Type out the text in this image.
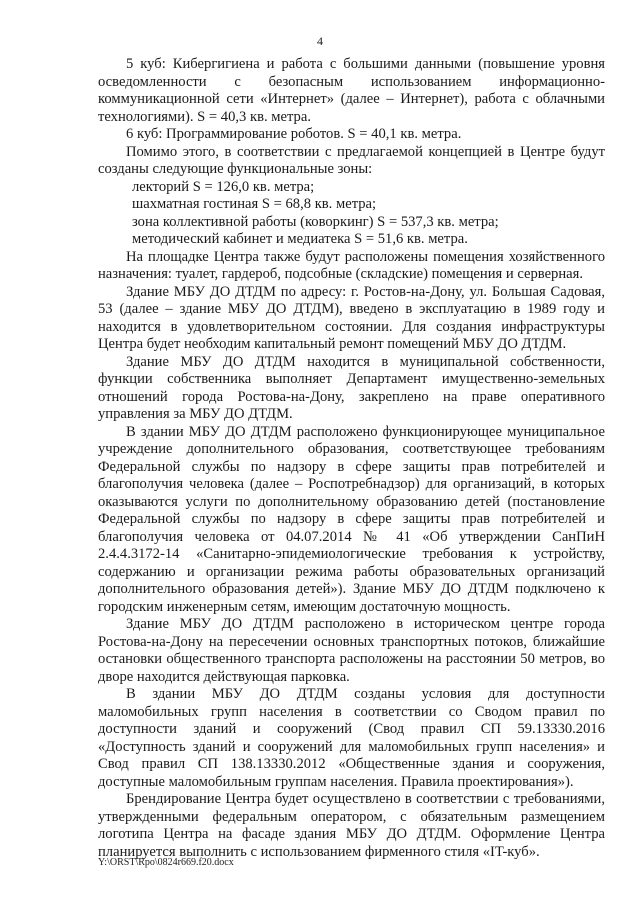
4

5 куб: Кибергигиена и работа с большими данными (повышение уровня осведомленности с безопасным использованием информационно-коммуникационной сети «Интернет» (далее – Интернет), работа с облачными технологиями). S = 40,3 кв. метра.

6 куб: Программирование роботов. S = 40,1 кв. метра.

Помимо этого, в соответствии с предлагаемой концепцией в Центре будут созданы следующие функциональные зоны:

лекторий S = 126,0 кв. метра;

шахматная гостиная S = 68,8 кв. метра;

зона коллективной работы (коворкинг) S = 537,3 кв. метра;

методический кабинет и медиатека S = 51,6 кв. метра.

На площадке Центра также будут расположены помещения хозяйственного назначения: туалет, гардероб, подсобные (складские) помещения и серверная.

Здание МБУ ДО ДТДМ по адресу: г. Ростов-на-Дону, ул. Большая Садовая, 53 (далее – здание МБУ ДО ДТДМ), введено в эксплуатацию в 1989 году и находится в удовлетворительном состоянии. Для создания инфраструктуры Центра будет необходим капитальный ремонт помещений МБУ ДО ДТДМ.

Здание МБУ ДО ДТДМ находится в муниципальной собственности, функции собственника выполняет Департамент имущественно-земельных отношений города Ростова-на-Дону, закреплено на праве оперативного управления за МБУ ДО ДТДМ.

В здании МБУ ДО ДТДМ расположено функционирующее муниципальное учреждение дополнительного образования, соответствующее требованиям Федеральной службы по надзору в сфере защиты прав потребителей и благополучия человека (далее – Роспотребнадзор) для организаций, в которых оказываются услуги по дополнительному образованию детей (постановление Федеральной службы по надзору в сфере защиты прав потребителей и благополучия человека от 04.07.2014 № 41 «Об утверждении СанПиН 2.4.4.3172-14 «Санитарно-эпидемиологические требования к устройству, содержанию и организации режима работы образовательных организаций дополнительного образования детей»). Здание МБУ ДО ДТДМ подключено к городским инженерным сетям, имеющим достаточную мощность.

Здание МБУ ДО ДТДМ расположено в историческом центре города Ростова-на-Дону на пересечении основных транспортных потоков, ближайшие остановки общественного транспорта расположены на расстоянии 50 метров, во дворе находится действующая парковка.

В здании МБУ ДО ДТДМ созданы условия для доступности маломобильных групп населения в соответствии со Сводом правил по доступности зданий и сооружений (Свод правил СП 59.13330.2016 «Доступность зданий и сооружений для маломобильных групп населения» и Свод правил СП 138.13330.2012 «Общественные здания и сооружения, доступные маломобильным группам населения. Правила проектирования»).

Брендирование Центра будет осуществлено в соответствии с требованиями, утвержденными федеральным оператором, с обязательным размещением логотипа Центра на фасаде здания МБУ ДО ДТДМ. Оформление Центра планируется выполнить с использованием фирменного стиля «IT-куб».

Y:\ORST\Rpo\0824r669.f20.docx
